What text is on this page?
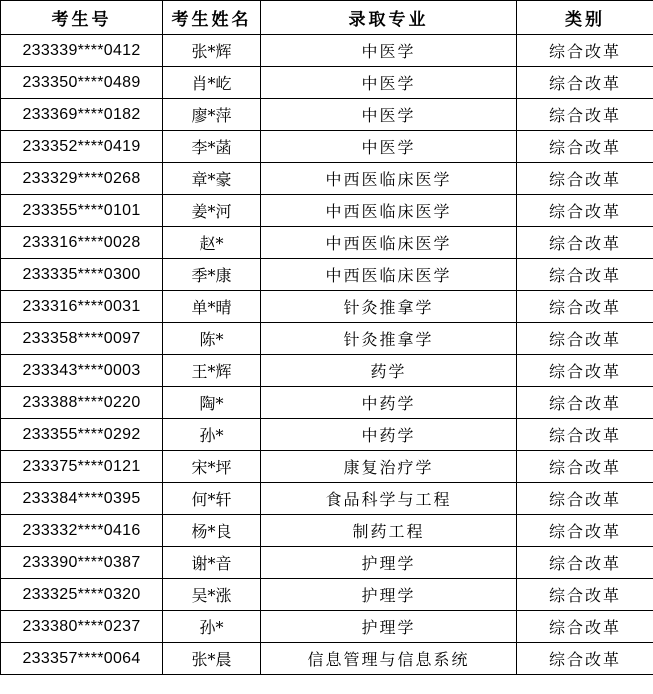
考生号	考生姓名	录取专业	类别
233339****0412	张*辉	中医学	综合改革
233350****0489	肖*屹	中医学	综合改革
233369****0182	廖*萍	中医学	综合改革
233352****0419	李*菡	中医学	综合改革
233329****0268	章*豪	中西医临床医学	综合改革
233355****0101	姜*河	中西医临床医学	综合改革
233316****0028	赵*	中西医临床医学	综合改革
233335****0300	季*康	中西医临床医学	综合改革
233316****0031	单*晴	针灸推拿学	综合改革
233358****0097	陈*	针灸推拿学	综合改革
233343****0003	王*辉	药学	综合改革
233388****0220	陶*	中药学	综合改革
233355****0292	孙*	中药学	综合改革
233375****0121	宋*坪	康复治疗学	综合改革
233384****0395	何*轩	食品科学与工程	综合改革
233332****0416	杨*良	制药工程	综合改革
233390****0387	谢*音	护理学	综合改革
233325****0320	吴*涨	护理学	综合改革
233380****0237	孙*	护理学	综合改革
233357****0064	张*晨	信息管理与信息系统	综合改革
